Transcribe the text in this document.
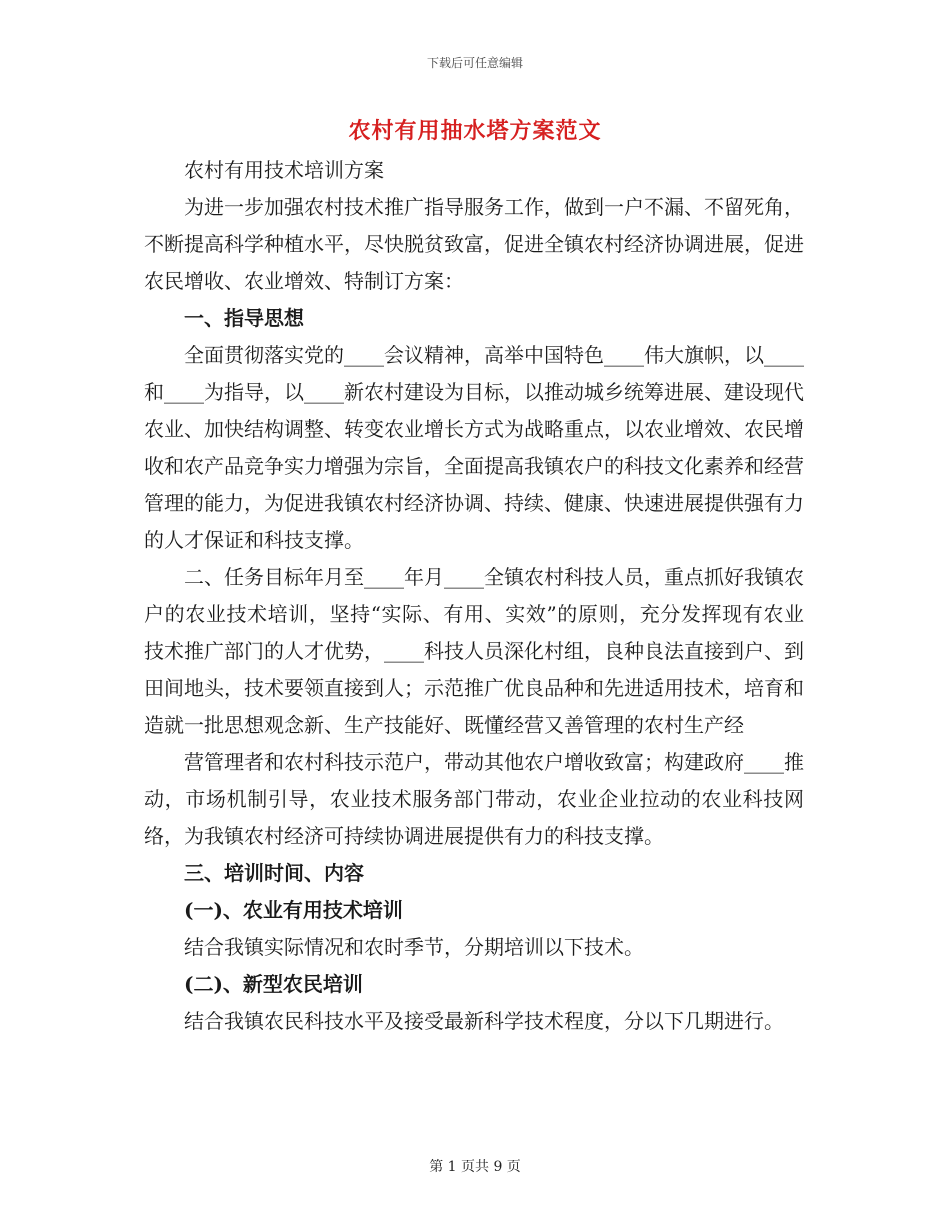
下载后可任意编辑
农村有用抽水塔方案范文

农村有用技术培训方案

为进一步加强农村技术推广指导服务工作，做到一户不漏、不留死角，不断提高科学种植水平，尽快脱贫致富，促进全镇农村经济协调进展，促进农民增收、农业增效、特制订方案：

一、指导思想

全面贯彻落实党的____会议精神，高举中国特色____伟大旗帜，以____和____为指导，以____新农村建设为目标，以推动城乡统筹进展、建设现代农业、加快结构调整、转变农业增长方式为战略重点，以农业增效、农民增收和农产品竞争实力增强为宗旨，全面提高我镇农户的科技文化素养和经营管理的能力，为促进我镇农村经济协调、持续、健康、快速进展提供强有力的人才保证和科技支撑。

二、任务目标年月至____年月____全镇农村科技人员，重点抓好我镇农户的农业技术培训，坚持“实际、有用、实效”的原则，充分发挥现有农业技术推广部门的人才优势，____科技人员深化村组，良种良法直接到户、到田间地头，技术要领直接到人；示范推广优良品种和先进适用技术，培育和造就一批思想观念新、生产技能好、既懂经营又善管理的农村生产经

营管理者和农村科技示范户，带动其他农户增收致富；构建政府____推动，市场机制引导，农业技术服务部门带动，农业企业拉动的农业科技网络，为我镇农村经济可持续协调进展提供有力的科技支撑。

三、培训时间、内容

(一)、农业有用技术培训

结合我镇实际情况和农时季节，分期培训以下技术。

(二)、新型农民培训

结合我镇农民科技水平及接受最新科学技术程度，分以下几期进行。

第 1 页共 9 页
